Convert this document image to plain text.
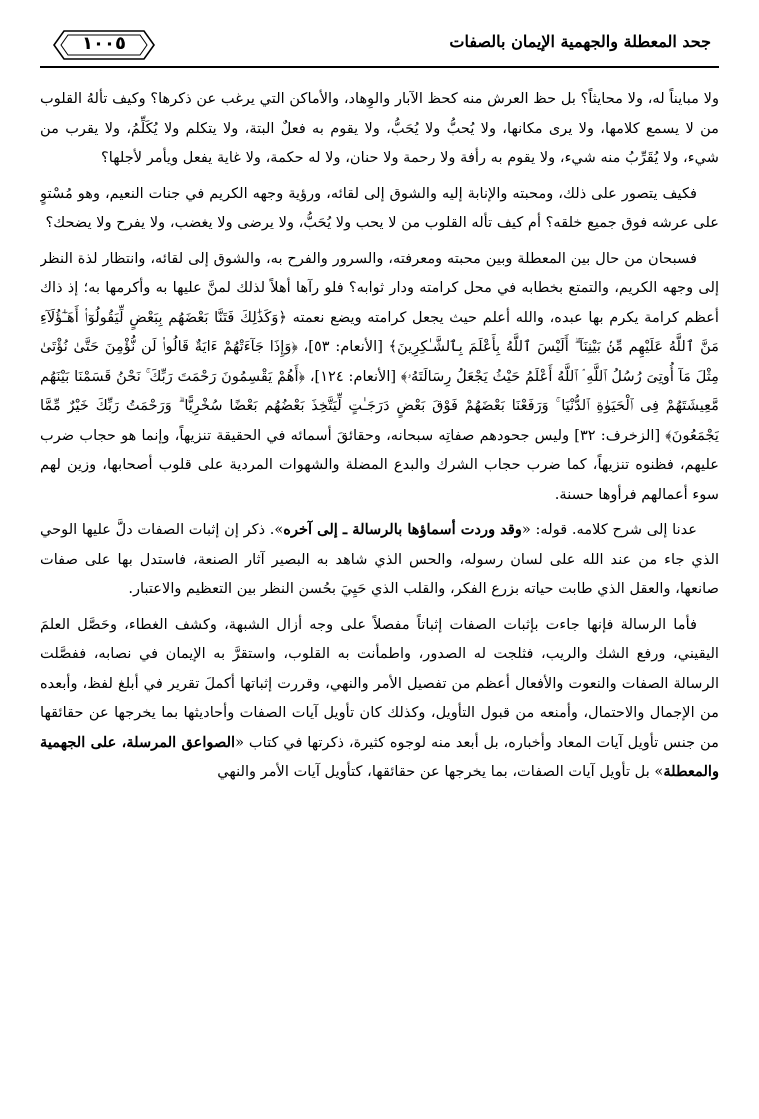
جحد المعطلة والجهمية الإيمان بالصفات
١٠٠٥

ولا مبايناً له، ولا محايثاً؟ بل حظ العرش منه كحظ الآبار والوِهاد، والأماكن التي يرغب عن ذكرها؟ وكيف تألهُ القلوب من لا يسمع كلامها، ولا يرى مكانها، ولا يُحبُّ ولا يُحَبُّ، ولا يقوم به فعلٌ البتة، ولا يتكلم ولا يُكَلِّمُ، ولا يقرب من شيء، ولا يُقَرِّبُ منه شيء، ولا يقوم به رأفة ولا رحمة ولا حنان، ولا له حكمة، ولا غاية يفعل ويأمر لأجلها؟

فكيف يتصور على ذلك، ومحبته والإنابة إليه والشوق إلى لقائه، ورؤية وجهه الكريم في جنات النعيم، وهو مُسْتوٍ على عرشه فوق جميع خلقه؟ أم كيف تأله القلوب من لا يحب ولا يُحَبُّ، ولا يرضى ولا يغضب، ولا يفرح ولا يضحك؟

فسبحان من حال بين المعطلة وبين محبته ومعرفته، والسرور والفرح به، والشوق إلى لقائه، وانتظار لذة النظر إلى وجهه الكريم، والتمتع بخطابه في محل كرامته ودار ثوابه؟ فلو رآها أهلاً لذلك لمنَّ عليها به وأكرمها به؛ إذ ذاك أعظم كرامة يكرم بها عبده، والله أعلم حيث يجعل كرامته ويضع نعمته ﴿وَكَذَٰلِكَ فَتَنَّا بَعْضَهُم بِبَعْضٍ لِّيَقُولُوٓا۟ أَهَـٰٓؤُلَآءِ مَنَّ ٱللَّهُ عَلَيْهِم مِّنۢ بَيْنِنَآ ۗ أَلَيْسَ ٱللَّهُ بِأَعْلَمَ بِٱلشَّـٰكِرِينَ﴾ [الأنعام: ٥٣]، ﴿وَإِذَا جَآءَتْهُمْ ءَايَةٌ قَالُوا۟ لَن نُّؤْمِنَ حَتَّىٰ نُؤْتَىٰ مِثْلَ مَآ أُوتِىَ رُسُلُ ٱللَّهِ ۘ ٱللَّهُ أَعْلَمُ حَيْثُ يَجْعَلُ رِسَالَتَهُۥ﴾ [الأنعام: ١٢٤]، ﴿أَهُمْ يَقْسِمُونَ رَحْمَتَ رَبِّكَ ۚ نَحْنُ قَسَمْنَا بَيْنَهُم مَّعِيشَتَهُمْ فِى ٱلْحَيَوٰةِ ٱلدُّنْيَا ۚ وَرَفَعْنَا بَعْضَهُمْ فَوْقَ بَعْضٍ دَرَجَـٰتٍ لِّيَتَّخِذَ بَعْضُهُم بَعْضًا سُخْرِيًّا ۗ وَرَحْمَتُ رَبِّكَ خَيْرٌ مِّمَّا يَجْمَعُونَ﴾ [الزخرف: ٣٢] وليس جحودهم صفاتِه سبحانه، وحقائقَ أسمائه في الحقيقة تنزيهاً، وإنما هو حجاب ضرب عليهم، فظنوه تنزيهاً، كما ضرب حجاب الشرك والبدع المضلة والشهوات المردية على قلوب أصحابها، وزين لهم سوء أعمالهم فرأوها حسنة.

عدنا إلى شرح كلامه. قوله: «وقد وردت أسماؤها بالرسالة ـ إلى آخره». ذكر إن إثبات الصفات دلَّ عليها الوحي الذي جاء من عند الله على لسان رسوله، والحس الذي شاهد به البصير آثار الصنعة، فاستدل بها على صفات صانعها، والعقل الذي طابت حياته بزرع الفكر، والقلب الذي حَيِيَ بحُسن النظر بين التعظيم والاعتبار.

فأما الرسالة فإنها جاءت بإثبات الصفات إثباتاً مفصلاً على وجه أزال الشبهة، وكشف الغطاء، وحَصَّل العلمَ اليقيني، ورفع الشك والريب، فثلجت له الصدور، واطمأنت به القلوب، واستقرَّ به الإيمان في نصابه، ففصَّلت الرسالة الصفات والنعوت والأفعال أعظم من تفصيل الأمر والنهي، وقررت إثباتها أكملَ تقرير في أبلغ لفظ، وأبعده من الإجمال والاحتمال، وأمنعه من قبول التأويل، وكذلك كان تأويل آيات الصفات وأحاديثها بما يخرجها عن حقائقها من جنس تأويل آيات المعاد وأخباره، بل أبعد منه لوجوه كثيرة، ذكرتها في كتاب «الصواعق المرسلة، على الجهمية والمعطلة» بل تأويل آيات الصفات، بما يخرجها عن حقائقها، كتأويل آيات الأمر والنهي
